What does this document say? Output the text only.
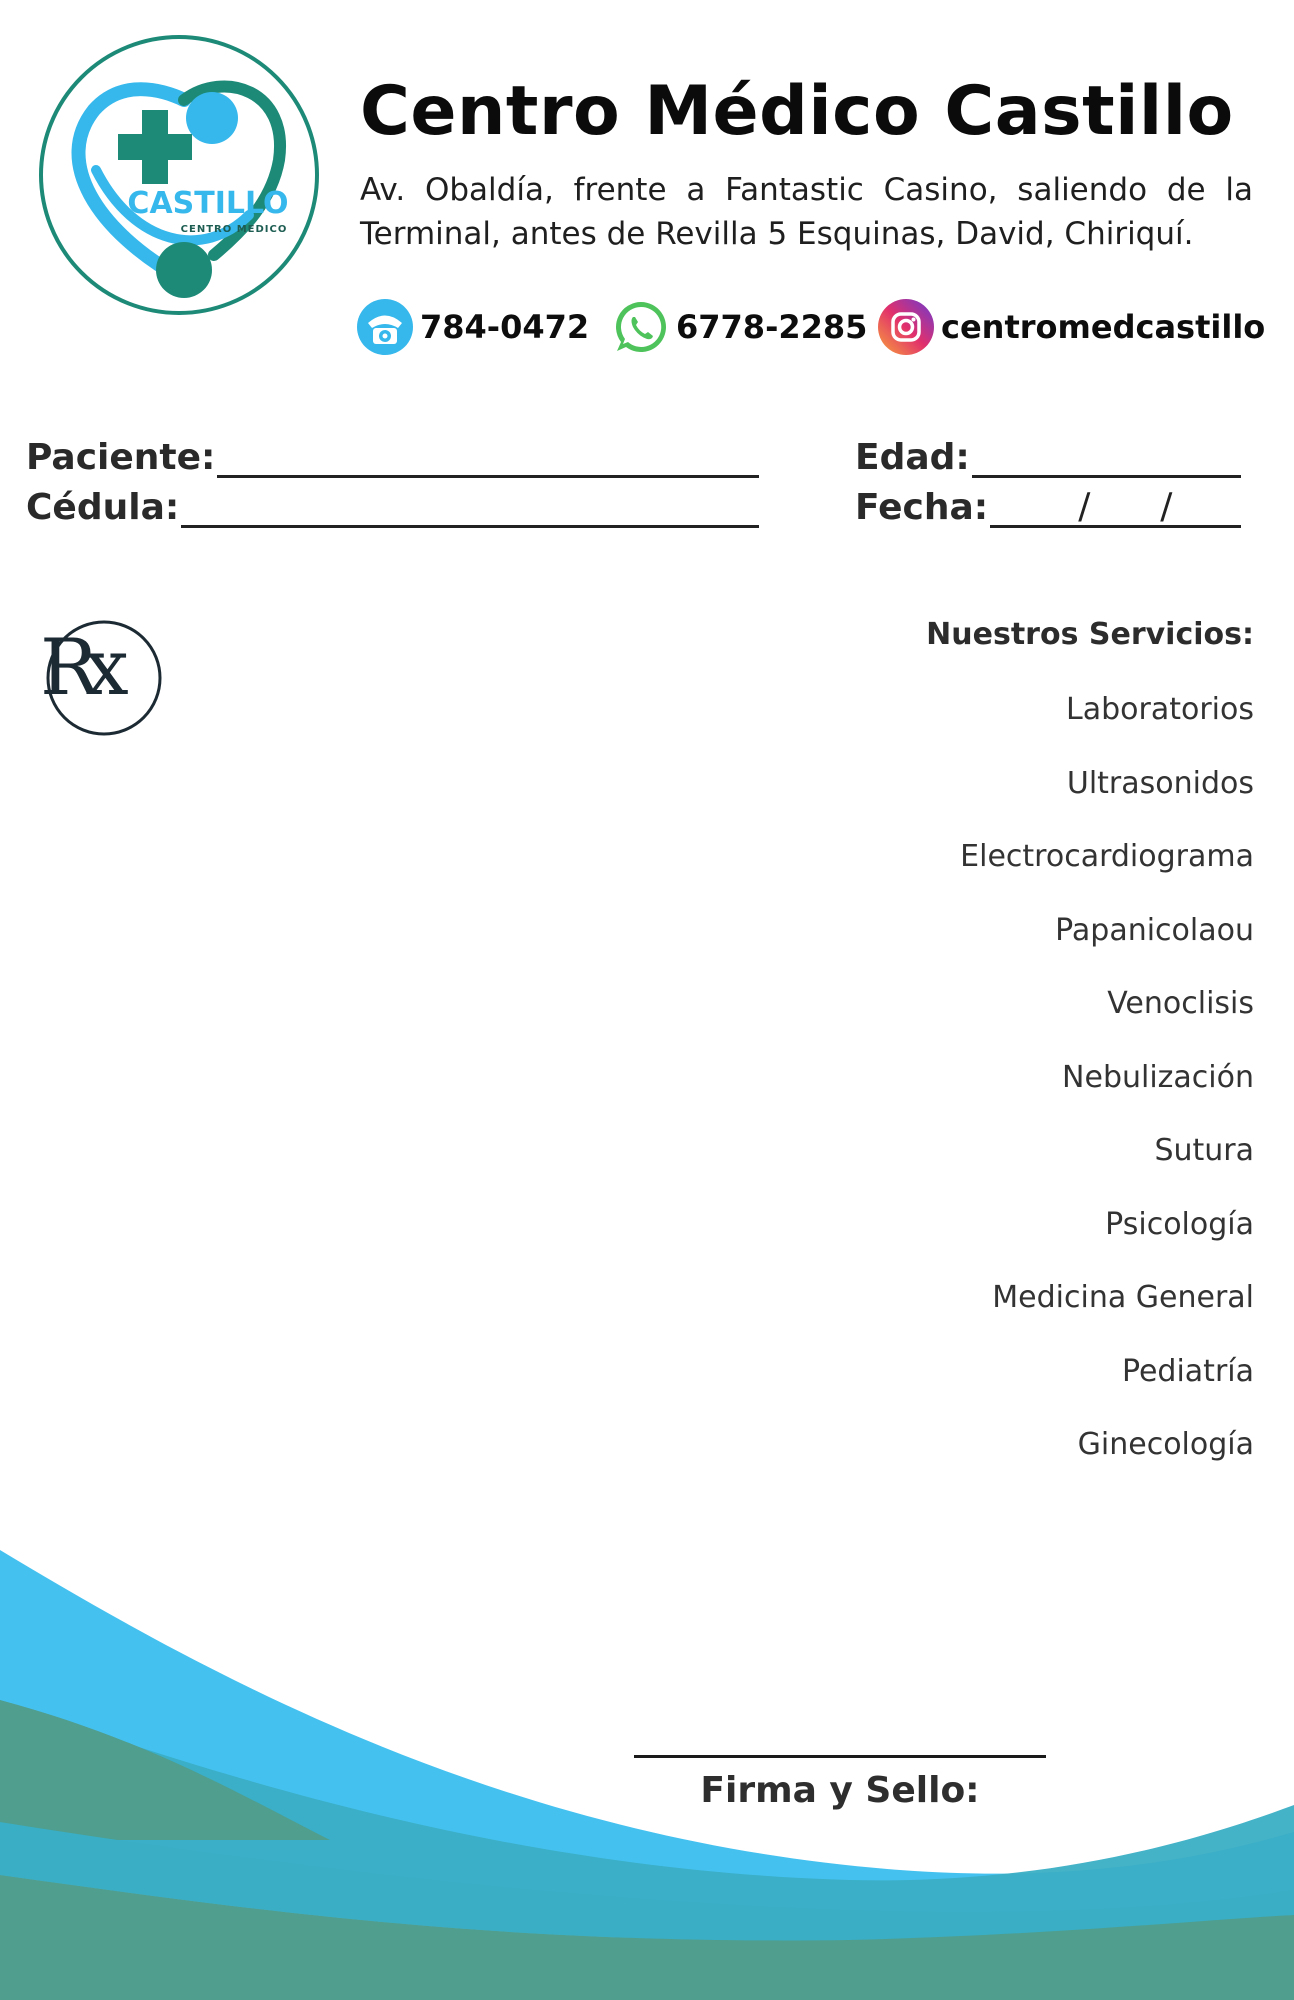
CASTILLO
CENTRO MEDICO
Centro Médico Castillo
Av. Obaldía, frente a Fantastic Casino, saliendo de la Terminal, antes de Revilla 5 Esquinas, David, Chiriquí.
784-0472	6778-2285 centromedcastillo
Paciente:
Cédula:
Edad:
Fecha:	/ /
Rx	Nuestros Servicios:
Laboratorios
Ultrasonidos
Electrocardiograma
Papanicolaou
Venoclisis
Nebulización
Sutura
Psicología
Medicina General
Pediatría
Ginecología
Firma y Sello:
